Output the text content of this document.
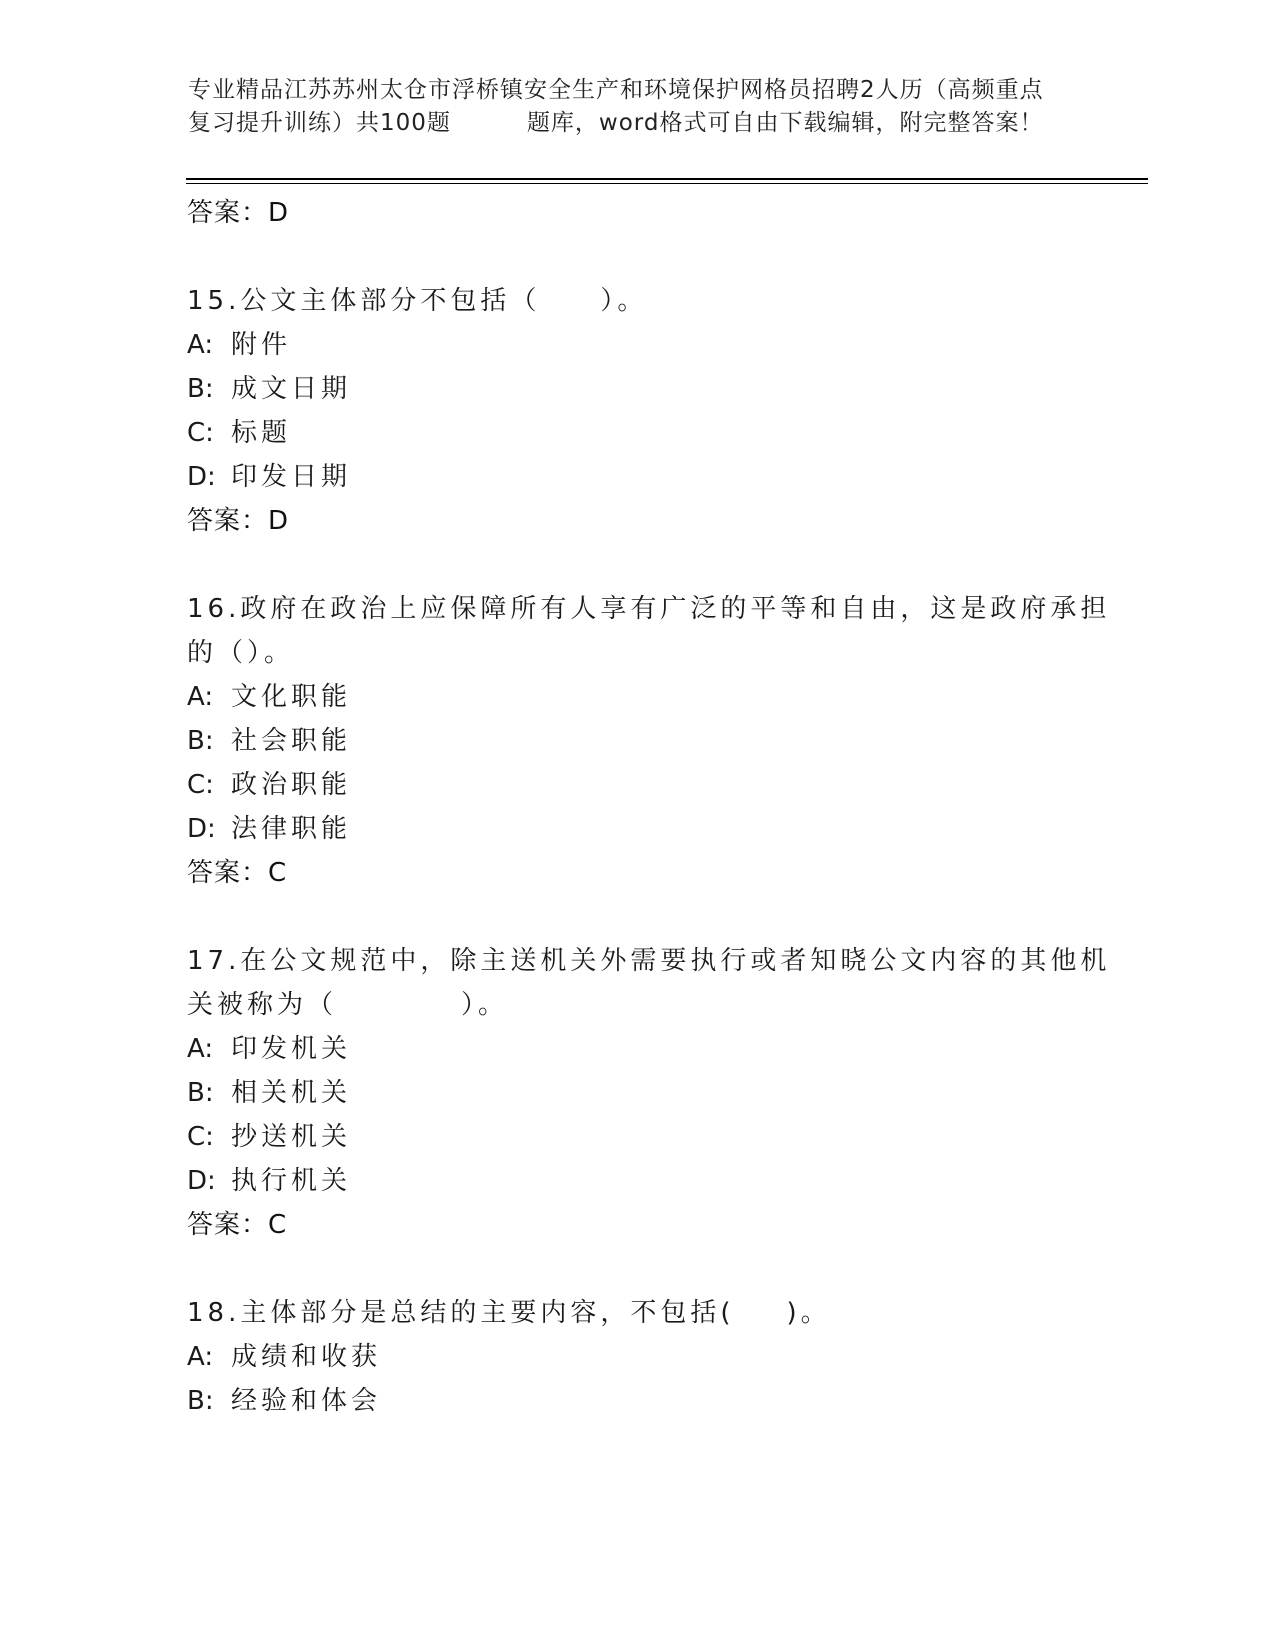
专业精品江苏苏州太仓市浮桥镇安全生产和环境保护网格员招聘2人历（高频重点
复习提升训练）共100题	题库，word格式可自由下载编辑，附完整答案！
答案：D
15.公文主体部分不包括（ ）。
A: 附件
B: 成文日期
C: 标题
D: 印发日期
答案：D
16.政府在政治上应保障所有人享有广泛的平等和自由，这是政府承担
的（）。
A: 文化职能
B: 社会职能
C: 政治职能
D: 法律职能
答案：C
17.在公文规范中，除主送机关外需要执行或者知晓公文内容的其他机
关被称为（	）。
A: 印发机关
B: 相关机关
C: 抄送机关
D: 执行机关
答案：C
18.主体部分是总结的主要内容，不包括( )。
A: 成绩和收获
B: 经验和体会
